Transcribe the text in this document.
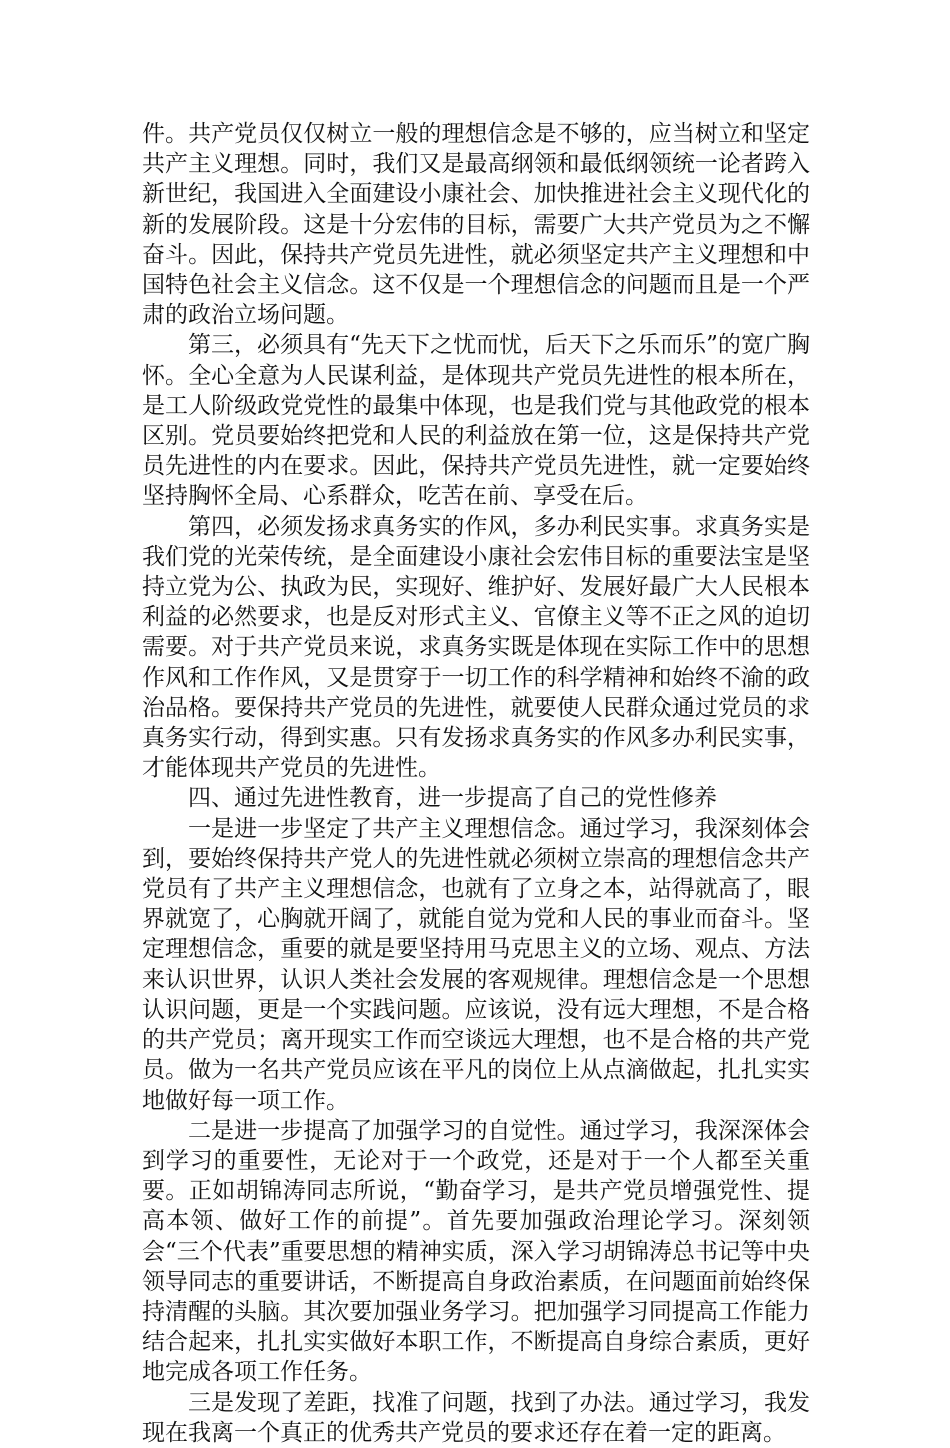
件。共产党员仅仅树立一般的理想信念是不够的，应当树立和坚定共产主义理想。同时，我们又是最高纲领和最低纲领统一论者跨入新世纪，我国进入全面建设小康社会、加快推进社会主义现代化的新的发展阶段。这是十分宏伟的目标，需要广大共产党员为之不懈奋斗。因此，保持共产党员先进性，就必须坚定共产主义理想和中国特色社会主义信念。这不仅是一个理想信念的问题而且是一个严肃的政治立场问题。

第三，必须具有“先天下之忧而忧，后天下之乐而乐”的宽广胸怀。全心全意为人民谋利益，是体现共产党员先进性的根本所在，是工人阶级政党党性的最集中体现，也是我们党与其他政党的根本区别。党员要始终把党和人民的利益放在第一位，这是保持共产党员先进性的内在要求。因此，保持共产党员先进性，就一定要始终坚持胸怀全局、心系群众，吃苦在前、享受在后。

第四，必须发扬求真务实的作风，多办利民实事。求真务实是我们党的光荣传统，是全面建设小康社会宏伟目标的重要法宝是坚持立党为公、执政为民，实现好、维护好、发展好最广大人民根本利益的必然要求，也是反对形式主义、官僚主义等不正之风的迫切需要。对于共产党员来说，求真务实既是体现在实际工作中的思想作风和工作作风，又是贯穿于一切工作的科学精神和始终不渝的政治品格。要保持共产党员的先进性，就要使人民群众通过党员的求真务实行动，得到实惠。只有发扬求真务实的作风多办利民实事，才能体现共产党员的先进性。

四、通过先进性教育，进一步提高了自己的党性修养

一是进一步坚定了共产主义理想信念。通过学习，我深刻体会到，要始终保持共产党人的先进性就必须树立崇高的理想信念共产党员有了共产主义理想信念，也就有了立身之本，站得就高了，眼界就宽了，心胸就开阔了，就能自觉为党和人民的事业而奋斗。坚定理想信念，重要的就是要坚持用马克思主义的立场、观点、方法来认识世界，认识人类社会发展的客观规律。理想信念是一个思想认识问题，更是一个实践问题。应该说，没有远大理想，不是合格的共产党员；离开现实工作而空谈远大理想，也不是合格的共产党员。做为一名共产党员应该在平凡的岗位上从点滴做起，扎扎实实地做好每一项工作。

二是进一步提高了加强学习的自觉性。通过学习，我深深体会到学习的重要性，无论对于一个政党，还是对于一个人都至关重要。正如胡锦涛同志所说，“勤奋学习，是共产党员增强党性、提高本领、做好工作的前提”。首先要加强政治理论学习。深刻领会“三个代表”重要思想的精神实质，深入学习胡锦涛总书记等中央领导同志的重要讲话，不断提高自身政治素质，在问题面前始终保持清醒的头脑。其次要加强业务学习。把加强学习同提高工作能力结合起来，扎扎实实做好本职工作，不断提高自身综合素质，更好地完成各项工作任务。

三是发现了差距，找准了问题，找到了办法。通过学习，我发现在我离一个真正的优秀共产党员的要求还存在着一定的距离。
